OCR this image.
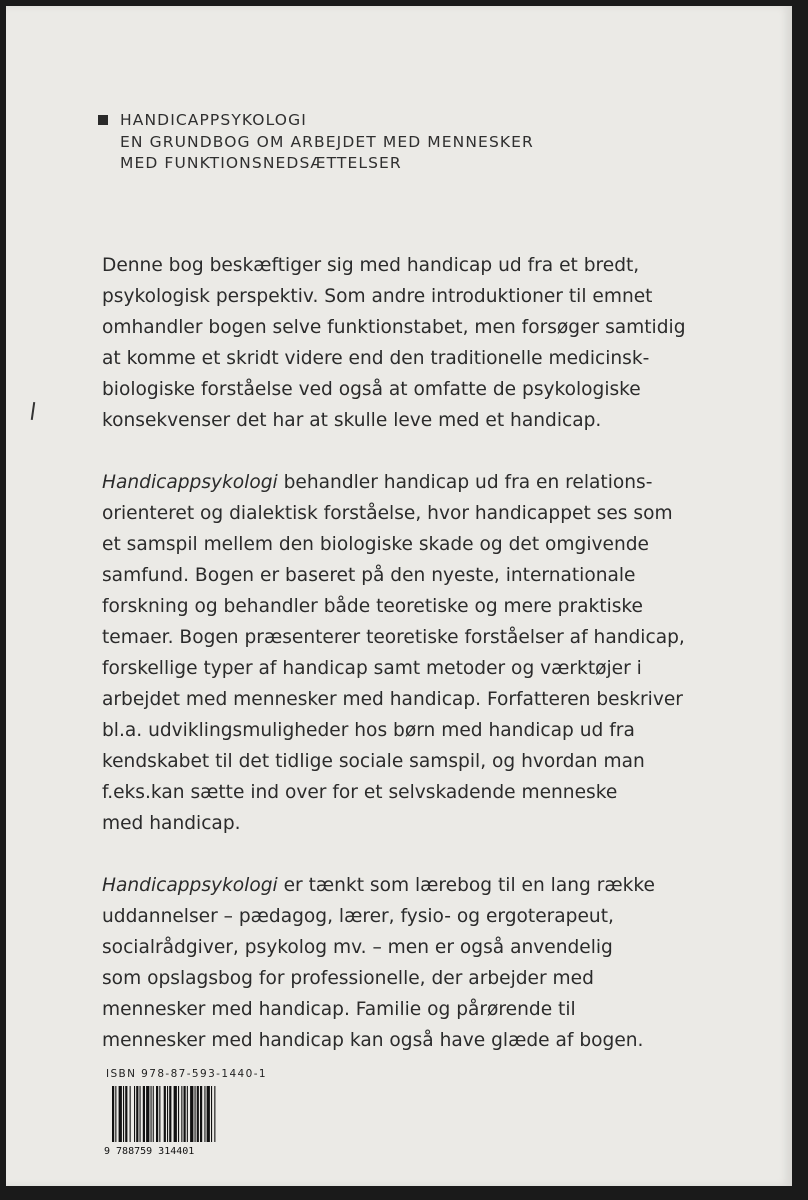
HANDICAPPSYKOLOGI
EN GRUNDBOG OM ARBEJDET MED MENNESKER
MED FUNKTIONSNEDSÆTTELSER
Denne bog beskæftiger sig med handicap ud fra et bredt,
psykologisk perspektiv. Som andre introduktioner til emnet
omhandler bogen selve funktionstabet, men forsøger samtidig
at komme et skridt videre end den traditionelle medicinsk-
biologiske forståelse ved også at omfatte de psykologiske
konsekvenser det har at skulle leve med et handicap.
Handicappsykologi behandler handicap ud fra en relations-
orienteret og dialektisk forståelse, hvor handicappet ses som
et samspil mellem den biologiske skade og det omgivende
samfund. Bogen er baseret på den nyeste, internationale
forskning og behandler både teoretiske og mere praktiske
temaer. Bogen præsenterer teoretiske forståelser af handicap,
forskellige typer af handicap samt metoder og værktøjer i
arbejdet med mennesker med handicap. Forfatteren beskriver
bl.a. udviklingsmuligheder hos børn med handicap ud fra
kendskabet til det tidlige sociale samspil, og hvordan man
f.eks.kan sætte ind over for et selvskadende menneske
med handicap.
Handicappsykologi er tænkt som lærebog til en lang række
uddannelser – pædagog, lærer, fysio- og ergoterapeut,
socialrådgiver, psykolog mv. – men er også anvendelig
som opslagsbog for professionelle, der arbejder med
mennesker med handicap. Familie og pårørende til
mennesker med handicap kan også have glæde af bogen.
ISBN 978-87-593-1440-1
9 788759 314401
